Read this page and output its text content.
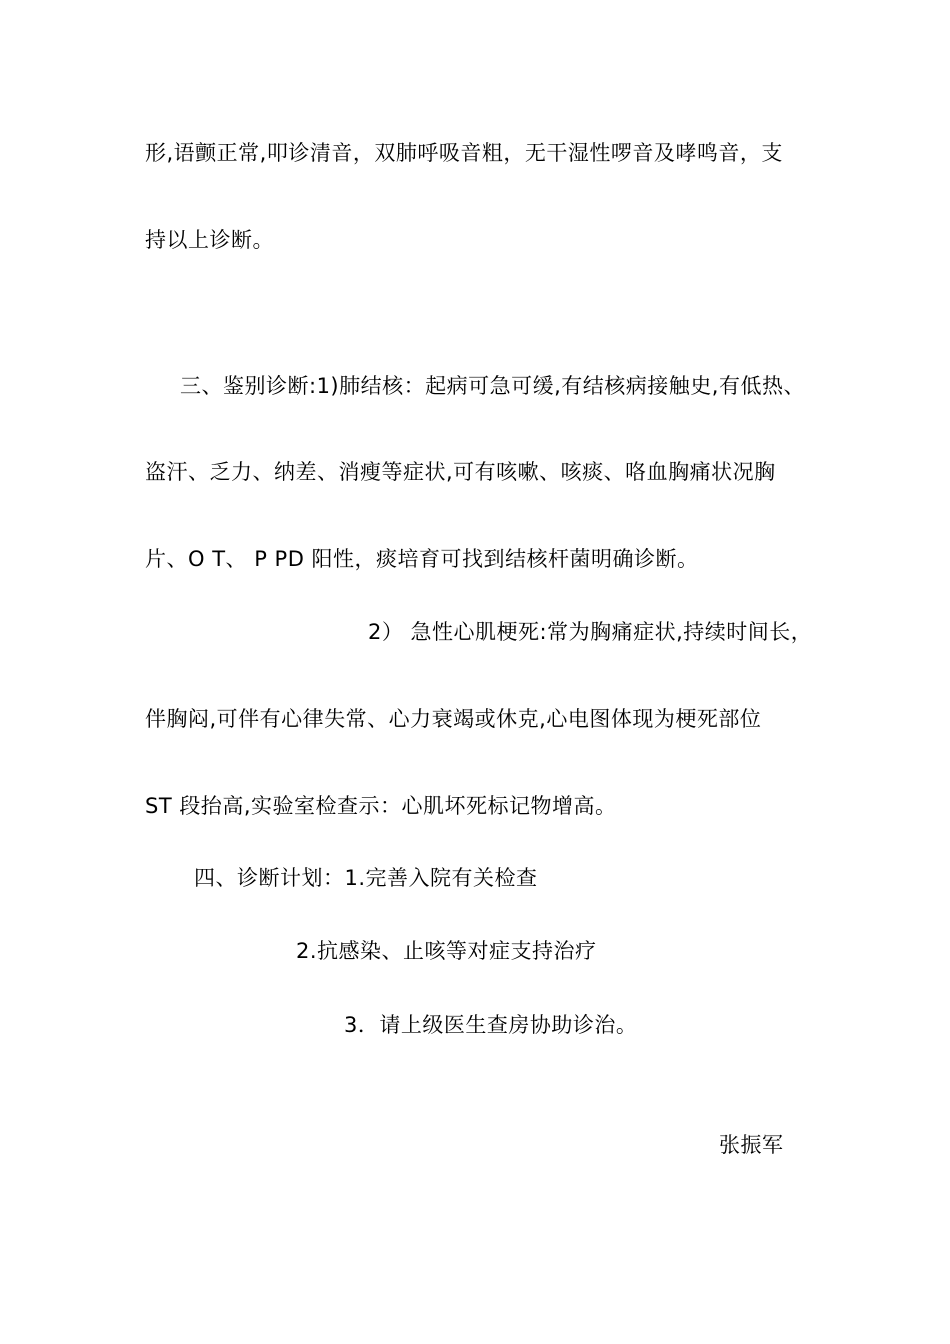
形,语颤正常,叩诊清音，双肺呼吸音粗，无干湿性啰音及哮鸣音，支
持以上诊断。
三、鉴别诊断:1)肺结核：起病可急可缓,有结核病接触史,有低热、
盗汗、乏力、纳差、消瘦等症状,可有咳嗽、咳痰、咯血胸痛状况胸
片、O T、 P PD 阳性，痰培育可找到结核杆菌明确诊断。
2） 急性心肌梗死:常为胸痛症状,持续时间长，
伴胸闷,可伴有心律失常、心力衰竭或休克,心电图体现为梗死部位
ST 段抬高,实验室检查示：心肌坏死标记物增高。
四、诊断计划：1.完善入院有关检查
2.抗感染、止咳等对症支持治疗
3．请上级医生查房协助诊治。
张振军
